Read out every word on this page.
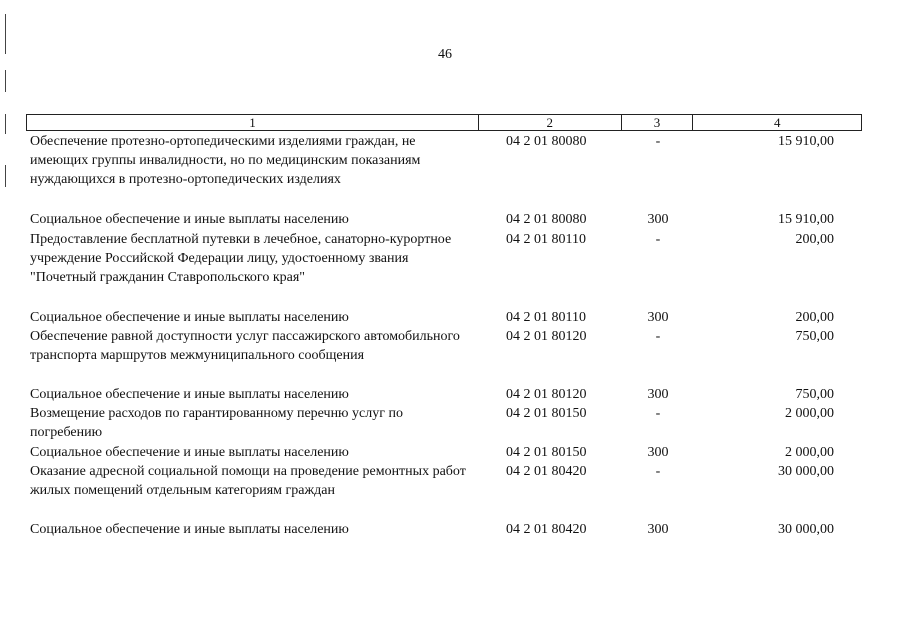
46
1	2	3	4
Обеспечение протезно-ортопедическими изделиями граждан, не имеющих группы инвалидности, но по медицинским показаниям нуждающихся в протезно-ортопедических изделиях
04 2 01 80080	-	15 910,00
Социальное обеспечение и иные выплаты населению	04 2 01 80080	300	15 910,00
Предоставление бесплатной путевки в лечебное, санаторно-курортное учреждение Российской Федерации лицу, удостоенному звания "Почетный гражданин Ставропольского края"
04 2 01 80110	-	200,00
Социальное обеспечение и иные выплаты населению	04 2 01 80110	300	200,00
Обеспечение равной доступности услуг пассажирского автомобильного транспорта маршрутов межмуниципального сообщения
04 2 01 80120	-	750,00
Социальное обеспечение и иные выплаты населению	04 2 01 80120	300	750,00
Возмещение расходов по гарантированному перечню услуг по погребению
04 2 01 80150	-	2 000,00
Социальное обеспечение и иные выплаты населению	04 2 01 80150	300	2 000,00
Оказание адресной социальной помощи на проведение ремонтных работ жилых помещений отдельным категориям граждан
04 2 01 80420	-	30 000,00
Социальное обеспечение и иные выплаты населению	04 2 01 80420	300	30 000,00
